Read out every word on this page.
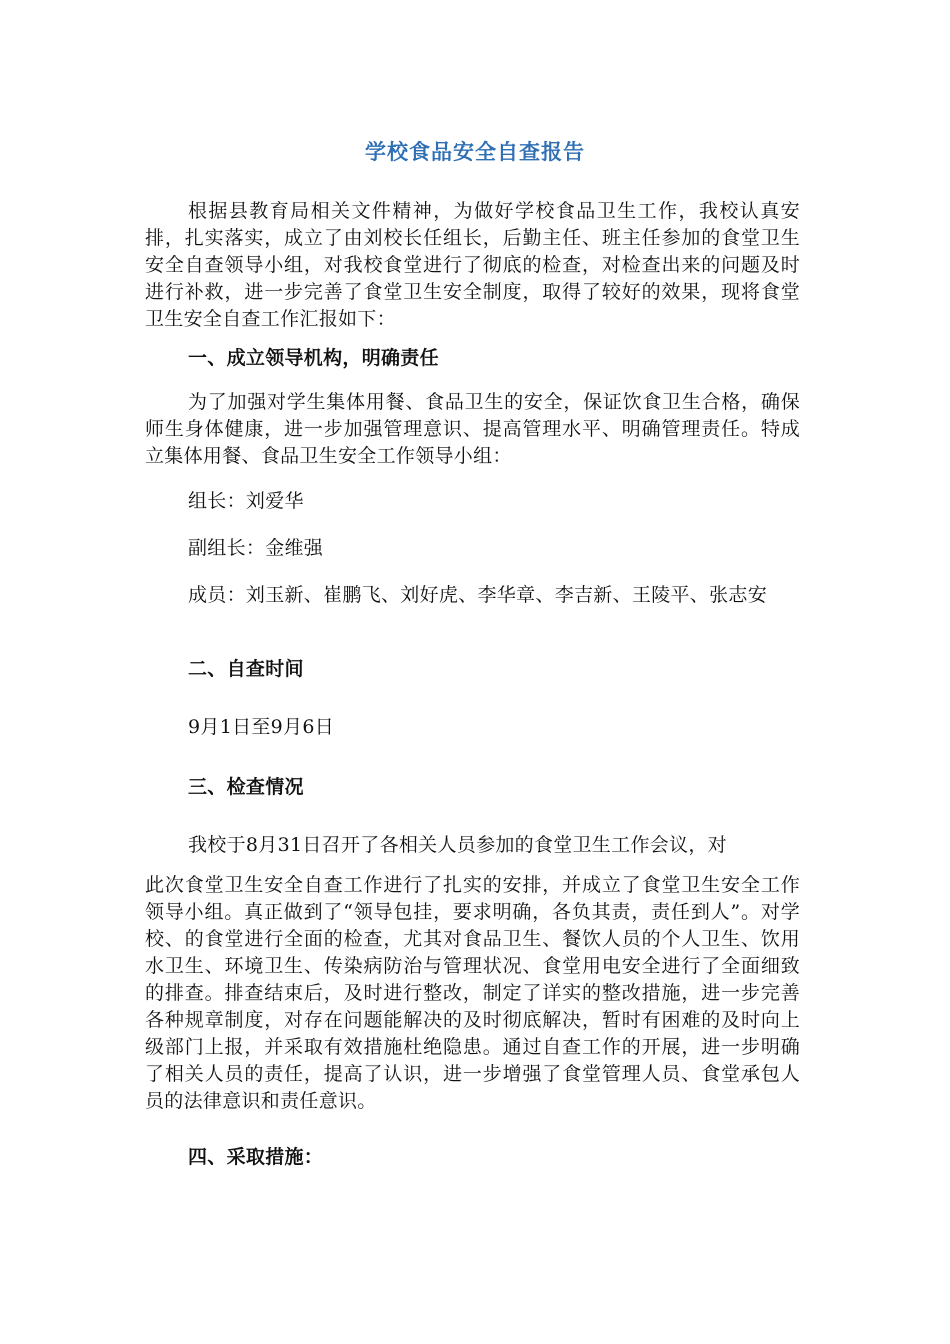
学校食品安全自查报告
根据县教育局相关文件精神，为做好学校食品卫生工作，我校认真安排，扎实落实，成立了由刘校长任组长，后勤主任、班主任参加的食堂卫生安全自查领导小组，对我校食堂进行了彻底的检查，对检查出来的问题及时进行补救，进一步完善了食堂卫生安全制度，取得了较好的效果，现将食堂卫生安全自查工作汇报如下：
一、成立领导机构，明确责任
为了加强对学生集体用餐、食品卫生的安全，保证饮食卫生合格，确保师生身体健康，进一步加强管理意识、提高管理水平、明确管理责任。特成立集体用餐、食品卫生安全工作领导小组：
组长：刘爱华
副组长：金维强
成员：刘玉新、崔鹏飞、刘好虎、李华章、李吉新、王陵平、张志安
二、自查时间
9月1日至9月6日
三、检查情况
我校于8月31日召开了各相关人员参加的食堂卫生工作会议，对
此次食堂卫生安全自查工作进行了扎实的安排，并成立了食堂卫生安全工作领导小组。真正做到了“领导包挂，要求明确，各负其责，责任到人”。对学校、的食堂进行全面的检查，尤其对食品卫生、餐饮人员的个人卫生、饮用水卫生、环境卫生、传染病防治与管理状况、食堂用电安全进行了全面细致的排查。排查结束后，及时进行整改，制定了详实的整改措施，进一步完善各种规章制度，对存在问题能解决的及时彻底解决，暂时有困难的及时向上级部门上报，并采取有效措施杜绝隐患。通过自查工作的开展，进一步明确了相关人员的责任，提高了认识，进一步增强了食堂管理人员、食堂承包人员的法律意识和责任意识。
四、采取措施：
